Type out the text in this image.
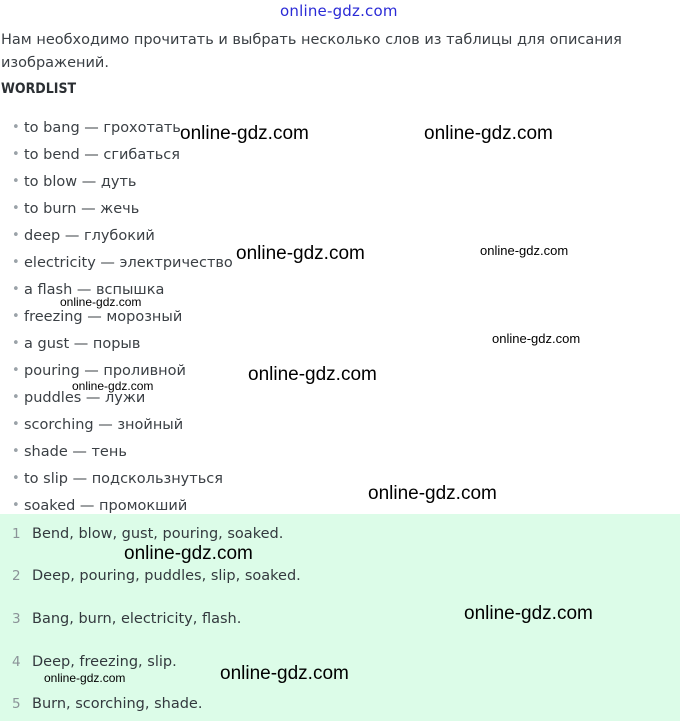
online-gdz.com
Нам необходимо прочитать и выбрать несколько слов из таблицы для описания изображений.
WORDLIST
• to bang — грохотать
• to bend — сгибаться
• to blow — дуть
• to burn — жечь
• deep — глубокий
• electricity — электричество
• a flash — вспышка
• freezing — морозный
• a gust — порыв
• pouring — проливной
• puddles — лужи
• scorching — знойный
• shade — тень
• to slip — подскользнуться
• soaked — промокший
1 Bend, blow, gust, pouring, soaked.
2 Deep, pouring, puddles, slip, soaked.
3 Bang, burn, electricity, flash.
4 Deep, freezing, slip.
5 Burn, scorching, shade.
online-gdz.com	online-gdz.com
online-gdz.com	online-gdz.com
online-gdz.com
online-gdz.com
online-gdz.com
online-gdz.com
online-gdz.com
online-gdz.com
online-gdz.com
online-gdz.com	online-gdz.com
